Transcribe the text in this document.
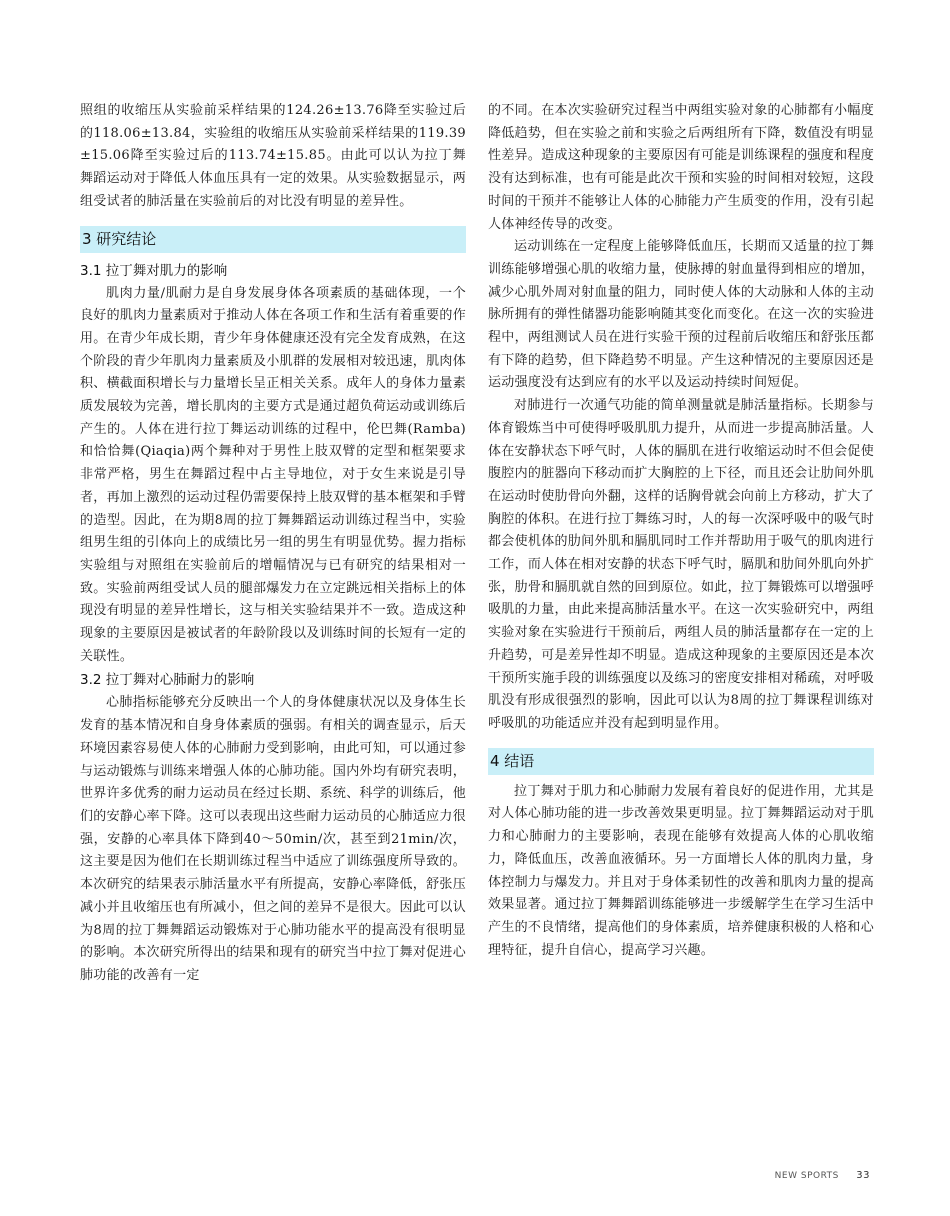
照组的收缩压从实验前采样结果的124.26±13.76降至实验过后的118.06±13.84，实验组的收缩压从实验前采样结果的119.39±15.06降至实验过后的113.74±15.85。由此可以认为拉丁舞舞蹈运动对于降低人体血压具有一定的效果。从实验数据显示，两组受试者的肺活量在实验前后的对比没有明显的差异性。

3 研究结论

3.1 拉丁舞对肌力的影响

肌肉力量/肌耐力是自身发展身体各项素质的基础体现，一个良好的肌肉力量素质对于推动人体在各项工作和生活有着重要的作用。在青少年成长期，青少年身体健康还没有完全发育成熟，在这个阶段的青少年肌肉力量素质及小肌群的发展相对较迅速，肌肉体积、横截面积增长与力量增长呈正相关关系。成年人的身体力量素质发展较为完善，增长肌肉的主要方式是通过超负荷运动或训练后产生的。人体在进行拉丁舞运动训练的过程中，伦巴舞(Ramba)和恰恰舞(Qiaqia)两个舞种对于男性上肢双臂的定型和框架要求非常严格，男生在舞蹈过程中占主导地位，对于女生来说是引导者，再加上激烈的运动过程仍需要保持上肢双臂的基本框架和手臂的造型。因此，在为期8周的拉丁舞舞蹈运动训练过程当中，实验组男生组的引体向上的成绩比另一组的男生有明显优势。握力指标实验组与对照组在实验前后的增幅情况与已有研究的结果相对一致。实验前两组受试人员的腿部爆发力在立定跳远相关指标上的体现没有明显的差异性增长，这与相关实验结果并不一致。造成这种现象的主要原因是被试者的年龄阶段以及训练时间的长短有一定的关联性。

3.2 拉丁舞对心肺耐力的影响

心肺指标能够充分反映出一个人的身体健康状况以及身体生长发育的基本情况和自身身体素质的强弱。有相关的调查显示，后天环境因素容易使人体的心肺耐力受到影响，由此可知，可以通过参与运动锻炼与训练来增强人体的心肺功能。国内外均有研究表明，世界许多优秀的耐力运动员在经过长期、系统、科学的训练后，他们的安静心率下降。这可以表现出这些耐力运动员的心肺适应力很强，安静的心率具体下降到40～50min/次，甚至到21min/次，这主要是因为他们在长期训练过程当中适应了训练强度所导致的。本次研究的结果表示肺活量水平有所提高，安静心率降低，舒张压减小并且收缩压也有所减小，但之间的差异不是很大。因此可以认为8周的拉丁舞舞蹈运动锻炼对于心肺功能水平的提高没有很明显的影响。本次研究所得出的结果和现有的研究当中拉丁舞对促进心肺功能的改善有一定

的不同。在本次实验研究过程当中两组实验对象的心肺都有小幅度降低趋势，但在实验之前和实验之后两组所有下降，数值没有明显性差异。造成这种现象的主要原因有可能是训练课程的强度和程度没有达到标准，也有可能是此次干预和实验的时间相对较短，这段时间的干预并不能够让人体的心肺能力产生质变的作用，没有引起人体神经传导的改变。

运动训练在一定程度上能够降低血压，长期而又适量的拉丁舞训练能够增强心肌的收缩力量，使脉搏的射血量得到相应的增加，减少心肌外周对射血量的阻力，同时使人体的大动脉和人体的主动脉所拥有的弹性储器功能影响随其变化而变化。在这一次的实验进程中，两组测试人员在进行实验干预的过程前后收缩压和舒张压都有下降的趋势，但下降趋势不明显。产生这种情况的主要原因还是运动强度没有达到应有的水平以及运动持续时间短促。

对肺进行一次通气功能的简单测量就是肺活量指标。长期参与体育锻炼当中可使得呼吸肌肌力提升，从而进一步提高肺活量。人体在安静状态下呼气时，人体的膈肌在进行收缩运动时不但会促使腹腔内的脏器向下移动而扩大胸腔的上下径，而且还会让肋间外肌在运动时使肋骨向外翻，这样的话胸骨就会向前上方移动，扩大了胸腔的体积。在进行拉丁舞练习时，人的每一次深呼吸中的吸气时都会使机体的肋间外肌和膈肌同时工作并帮助用于吸气的肌肉进行工作，而人体在相对安静的状态下呼气时，膈肌和肋间外肌向外扩张，肋骨和膈肌就自然的回到原位。如此，拉丁舞锻炼可以增强呼吸肌的力量，由此来提高肺活量水平。在这一次实验研究中，两组实验对象在实验进行干预前后，两组人员的肺活量都存在一定的上升趋势，可是差异性却不明显。造成这种现象的主要原因还是本次干预所实施手段的训练强度以及练习的密度安排相对稀疏，对呼吸肌没有形成很强烈的影响，因此可以认为8周的拉丁舞课程训练对呼吸肌的功能适应并没有起到明显作用。

4 结语

拉丁舞对于肌力和心肺耐力发展有着良好的促进作用，尤其是对人体心肺功能的进一步改善效果更明显。拉丁舞舞蹈运动对于肌力和心肺耐力的主要影响，表现在能够有效提高人体的心肌收缩力，降低血压，改善血液循环。另一方面增长人体的肌肉力量，身体控制力与爆发力。并且对于身体柔韧性的改善和肌肉力量的提高效果显著。通过拉丁舞舞蹈训练能够进一步缓解学生在学习生活中产生的不良情绪，提高他们的身体素质，培养健康积极的人格和心理特征，提升自信心，提高学习兴趣。

NEW SPORTS 33
